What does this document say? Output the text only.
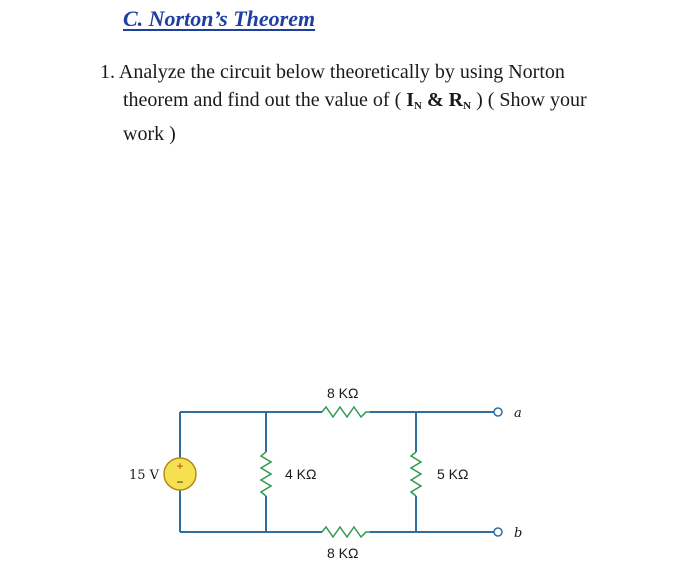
C. Norton’s Theorem
1. Analyze the circuit below theoretically by using Norton
theorem and find out the value of ( $I_N$ & $R_N$ ) ( Show your
work )
+
−
15 V
8 KΩ
4 KΩ	5 KΩ
8 KΩ
a
b
